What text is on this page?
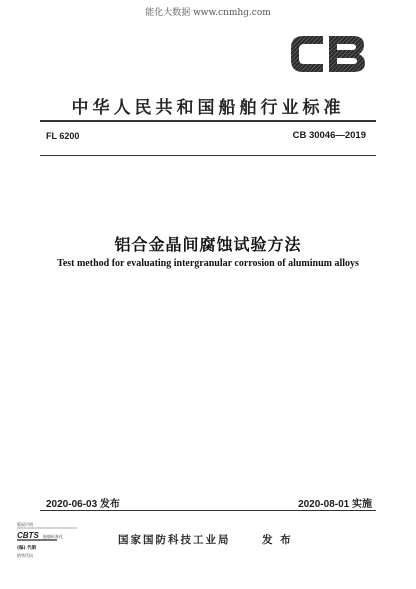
能化大数据 www.cnmhg.com
中华人民共和国船舶行业标准
FL 6200	CB 30046—2019
铝合金晶间腐蚀试验方法
Test method for evaluating intergranular corrosion of aluminum alloys
2020-06-03 发布	2020-08-01 实施
版权声明
CBTS 船舶标准化
(编) 代销
销售代码
国家国防科技工业局	发 布
